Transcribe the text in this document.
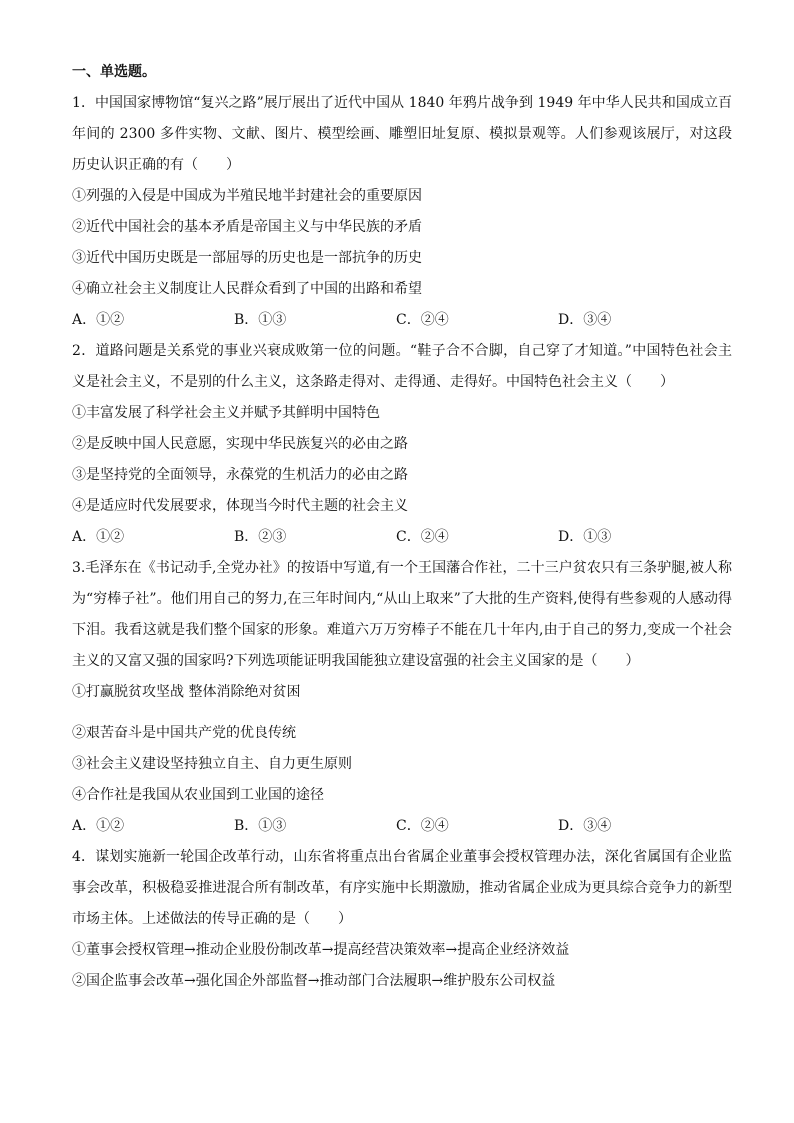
一、单选题。

1．中国国家博物馆“复兴之路”展厅展出了近代中国从 1840 年鸦片战争到 1949 年中华人民共和国成立百年间的 2300 多件实物、文献、图片、模型绘画、雕塑旧址复原、模拟景观等。人们参观该展厅，对这段历史认识正确的有（　　）

①列强的入侵是中国成为半殖民地半封建社会的重要原因

②近代中国社会的基本矛盾是帝国主义与中华民族的矛盾

③近代中国历史既是一部屈辱的历史也是一部抗争的历史

④确立社会主义制度让人民群众看到了中国的出路和希望

A．①②	B．①③	C．②④	D．③④

2．道路问题是关系党的事业兴衰成败第一位的问题。“鞋子合不合脚，自己穿了才知道。”中国特色社会主义是社会主义，不是别的什么主义，这条路走得对、走得通、走得好。中国特色社会主义（　　）

①丰富发展了科学社会主义并赋予其鲜明中国特色

②是反映中国人民意愿，实现中华民族复兴的必由之路

③是坚持党的全面领导，永葆党的生机活力的必由之路

④是适应时代发展要求，体现当今时代主题的社会主义

A．①②	B．②③	C．②④	D．①③

3.毛泽东在《书记动手,全党办社》的按语中写道,有一个王国藩合作社，二十三户贫农只有三条驴腿,被人称为“穷棒子社”。他们用自己的努力,在三年时间内,“从山上取来”了大批的生产资料,使得有些参观的人感动得下泪。我看这就是我们整个国家的形象。难道六万万穷棒子不能在几十年内,由于自己的努力,变成一个社会主义的又富又强的国家吗?下列选项能证明我国能独立建设富强的社会主义国家的是（　　）

①打赢脱贫攻坚战 整体消除绝对贫困

②艰苦奋斗是中国共产党的优良传统

③社会主义建设坚持独立自主、自力更生原则

④合作社是我国从农业国到工业国的途径

A．①②	B．①③	C．②④	D．③④

4．谋划实施新一轮国企改革行动，山东省将重点出台省属企业董事会授权管理办法，深化省属国有企业监事会改革，积极稳妥推进混合所有制改革，有序实施中长期激励，推动省属企业成为更具综合竞争力的新型市场主体。上述做法的传导正确的是（　　）

①董事会授权管理→推动企业股份制改革→提高经营决策效率→提高企业经济效益

②国企监事会改革→强化国企外部监督→推动部门合法履职→维护股东公司权益
